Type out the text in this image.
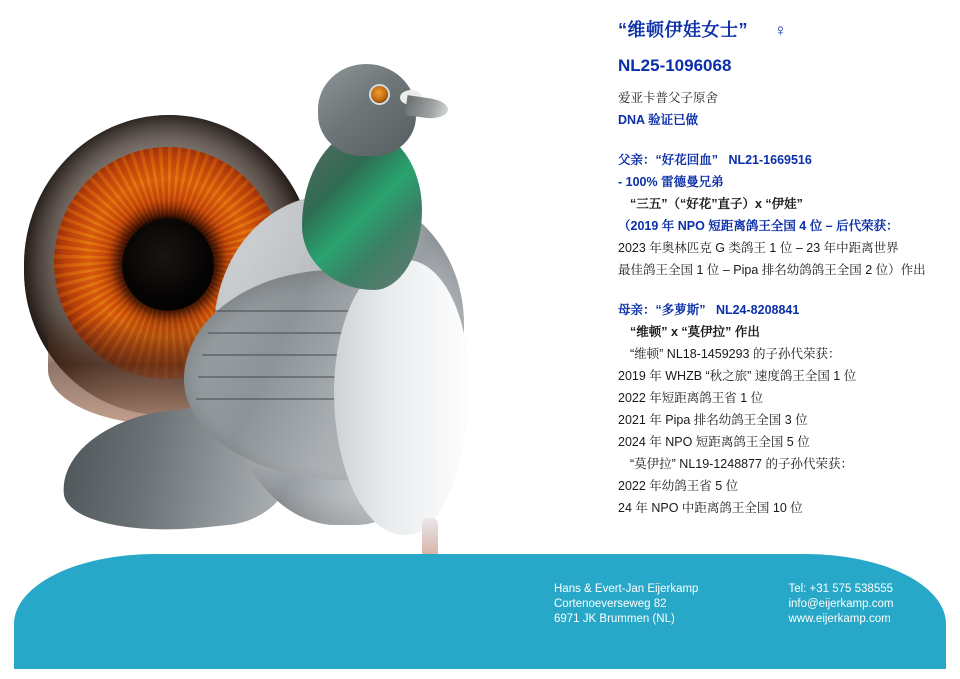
“维顿伊娃女士” ♀
NL25-1096068
爱亚卡普父子原舍
DNA 验证已做
父亲：“好花回血” NL21-1669516
- 100% 雷德曼兄弟
“三五”（“好花”直子）x “伊娃”
（2019 年 NPO 短距离鸽王全国 4 位 – 后代荣获：
2023 年奥林匹克 G 类鸽王 1 位 – 23 年中距离世界
最佳鸽王全国 1 位 – Pipa 排名幼鸽鸽王全国 2 位）作出
母亲：“多萝斯” NL24-8208841
“维顿” x “莫伊拉” 作出
“维顿” NL18-1459293 的子孙代荣获：
2019 年 WHZB “秋之旅” 速度鸽王全国 1 位
2022 年短距离鸽王省 1 位
2021 年 Pipa 排名幼鸽王全国 3 位
2024 年 NPO 短距离鸽王全国 5 位
“莫伊拉” NL19-1248877 的子孙代荣获：
2022 年幼鸽王省 5 位
24 年 NPO 中距离鸽王全国 10 位
Hans & Evert-Jan Eijerkamp
Cortenoeverseweg 82
6971 JK Brummen (NL)
Tel: +31 575 538555
info@eijerkamp.com
www.eijerkamp.com
